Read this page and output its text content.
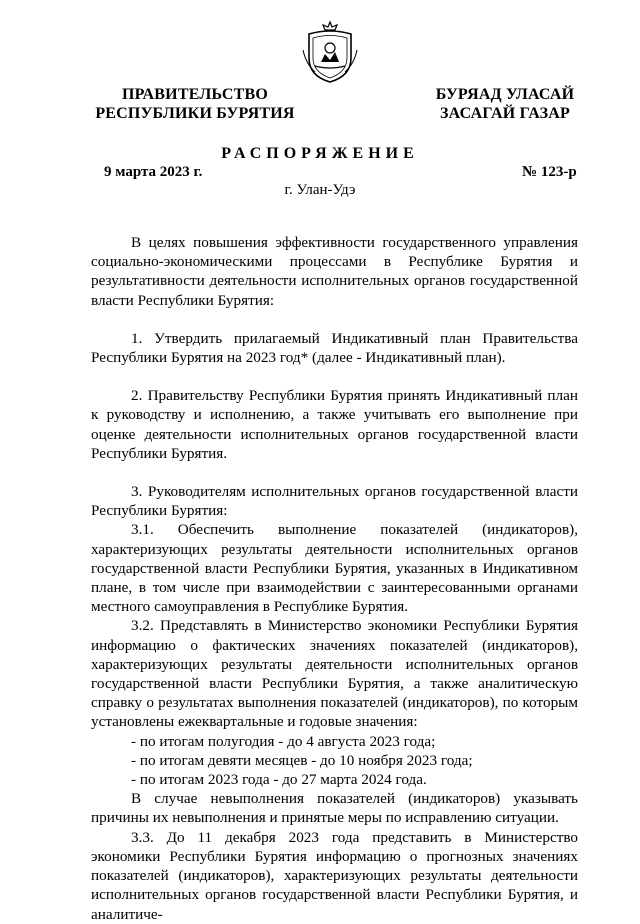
ПРАВИТЕЛЬСТВО
РЕСПУБЛИКИ БУРЯТИЯ
БУРЯАД УЛАСАЙ
ЗАСАГАЙ ГАЗАР
РАСПОРЯЖЕНИЕ
9 марта 2023 г.	№ 123-р
г. Улан-Удэ

В целях повышения эффективности государственного управления социально-экономическими процессами в Республике Бурятия и результативности деятельности исполнительных органов государственной власти Республики Бурятия:

1. Утвердить прилагаемый Индикативный план Правительства Республики Бурятия на 2023 год* (далее - Индикативный план).

2. Правительству Республики Бурятия принять Индикативный план к руководству и исполнению, а также учитывать его выполнение при оценке деятельности исполнительных органов государственной власти Республики Бурятия.

3. Руководителям исполнительных органов государственной власти Республики Бурятия:

3.1. Обеспечить выполнение показателей (индикаторов), характеризующих результаты деятельности исполнительных органов государственной власти Республики Бурятия, указанных в Индикативном плане, в том числе при взаимодействии с заинтересованными органами местного самоуправления в Республике Бурятия.

3.2. Представлять в Министерство экономики Республики Бурятия информацию о фактических значениях показателей (индикаторов), характеризующих результаты деятельности исполнительных органов государственной власти Республики Бурятия, а также аналитическую справку о результатах выполнения показателей (индикаторов), по которым установлены ежеквартальные и годовые значения:

- по итогам полугодия - до 4 августа 2023 года;

- по итогам девяти месяцев - до 10 ноября 2023 года;

- по итогам 2023 года - до 27 марта 2024 года.

В случае невыполнения показателей (индикаторов) указывать причины их невыполнения и принятые меры по исправлению ситуации.

3.3. До 11 декабря 2023 года представить в Министерство экономики Республики Бурятия информацию о прогнозных значениях показателей (индикаторов), характеризующих результаты деятельности исполнительных органов государственной власти Республики Бурятия, и аналитиче-
